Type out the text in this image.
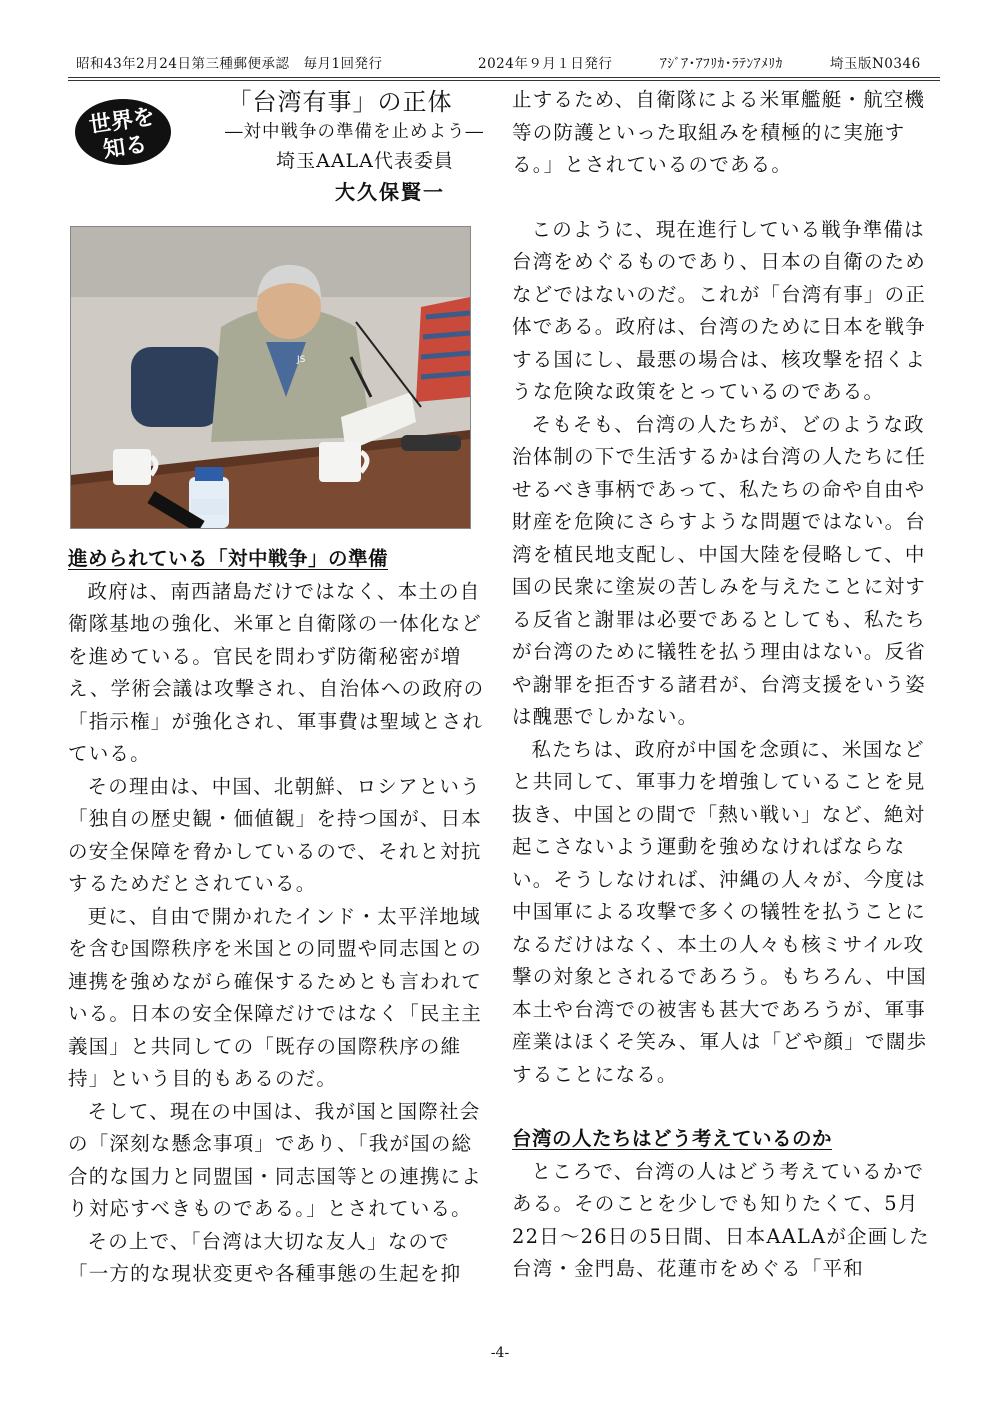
昭和43年2月24日第三種郵便承認　毎月1回発行	2024年９月１日発行	ｱｼﾞｱ･ｱﾌﾘｶ･ﾗﾃﾝｱﾒﾘｶ	埼玉版N0346
世界を
知る
「台湾有事」の正体
―対中戦争の準備を止めよう―
埼玉AALA代表委員
大久保賢一
JS
進められている「対中戦争」の準備

政府は、南西諸島だけではなく、本土の自衛隊基地の強化、米軍と自衛隊の一体化などを進めている。官民を問わず防衛秘密が増え、学術会議は攻撃され、自治体への政府の「指示権」が強化され、軍事費は聖域とされている。

その理由は、中国、北朝鮮、ロシアという「独自の歴史観・価値観」を持つ国が、日本の安全保障を脅かしているので、それと対抗するためだとされている。

更に、自由で開かれたインド・太平洋地域を含む国際秩序を米国との同盟や同志国との連携を強めながら確保するためとも言われている。日本の安全保障だけではなく「民主主義国」と共同しての「既存の国際秩序の維持」という目的もあるのだ。

そして、現在の中国は、我が国と国際社会の「深刻な懸念事項」であり、「我が国の総合的な国力と同盟国・同志国等との連携により対応すべきものである。」とされている。

その上で、「台湾は大切な友人」なので「一方的な現状変更や各種事態の生起を抑

止するため、自衛隊による米軍艦艇・航空機等の防護といった取組みを積極的に実施する。」とされているのである。

このように、現在進行している戦争準備は台湾をめぐるものであり、日本の自衛のためなどではないのだ。これが「台湾有事」の正体である。政府は、台湾のために日本を戦争する国にし、最悪の場合は、核攻撃を招くような危険な政策をとっているのである。

そもそも、台湾の人たちが、どのような政治体制の下で生活するかは台湾の人たちに任せるべき事柄であって、私たちの命や自由や財産を危険にさらすような問題ではない。台湾を植民地支配し、中国大陸を侵略して、中国の民衆に塗炭の苦しみを与えたことに対する反省と謝罪は必要であるとしても、私たちが台湾のために犠牲を払う理由はない。反省や謝罪を拒否する諸君が、台湾支援をいう姿は醜悪でしかない。

私たちは、政府が中国を念頭に、米国などと共同して、軍事力を増強していることを見抜き、中国との間で「熱い戦い」など、絶対起こさないよう運動を強めなければならない。そうしなければ、沖縄の人々が、今度は中国軍による攻撃で多くの犠牲を払うことになるだけはなく、本土の人々も核ミサイル攻撃の対象とされるであろう。もちろん、中国本土や台湾での被害も甚大であろうが、軍事産業はほくそ笑み、軍人は「どや顔」で闊歩することになる。

台湾の人たちはどう考えているのか

ところで、台湾の人はどう考えているかである。そのことを少しでも知りたくて、5月22日～26日の5日間、日本AALAが企画した台湾・金門島、花蓮市をめぐる「平和

-4-
